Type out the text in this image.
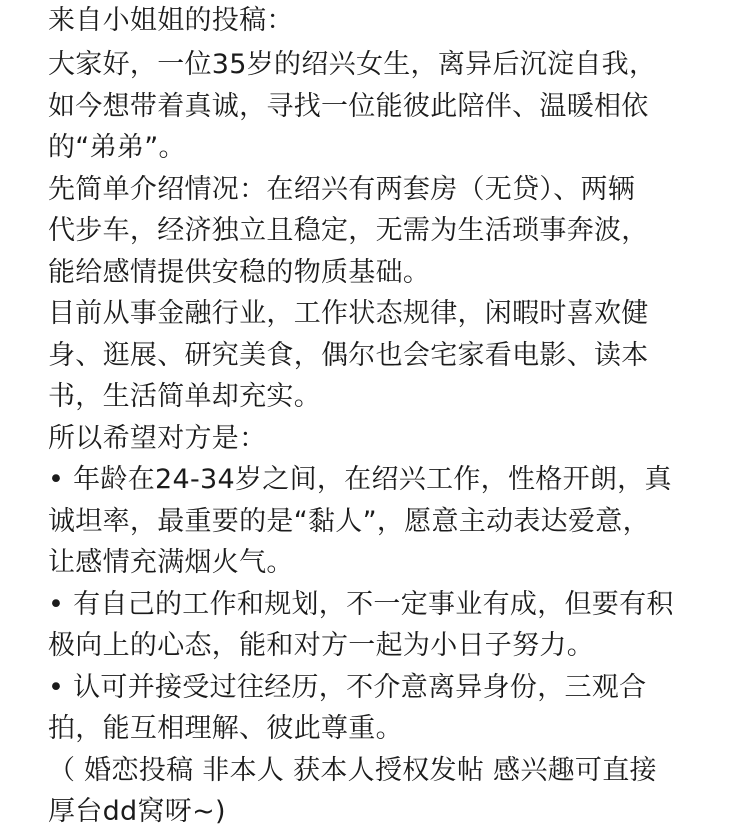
来自小姐姐的投稿：
大家好，一位35岁的绍兴女生，离异后沉淀自我，
如今想带着真诚，寻找一位能彼此陪伴、温暖相依
的“弟弟”。
先简单介绍情况：在绍兴有两套房（无贷）、两辆
代步车，经济独立且稳定，无需为生活琐事奔波，
能给感情提供安稳的物质基础。
目前从事金融行业，工作状态规律，闲暇时喜欢健
身、逛展、研究美食，偶尔也会宅家看电影、读本
书，生活简单却充实。
所以希望对方是：
• 年龄在24-34岁之间，在绍兴工作，性格开朗，真
诚坦率，最重要的是“黏人”，愿意主动表达爱意，
让感情充满烟火气。
• 有自己的工作和规划，不一定事业有成，但要有积
极向上的心态，能和对方一起为小日子努力。
• 认可并接受过往经历，不介意离异身份，三观合
拍，能互相理解、彼此尊重。
（ 婚恋投稿 非本人 获本人授权发帖 感兴趣可直接
厚台dd窝呀~)
